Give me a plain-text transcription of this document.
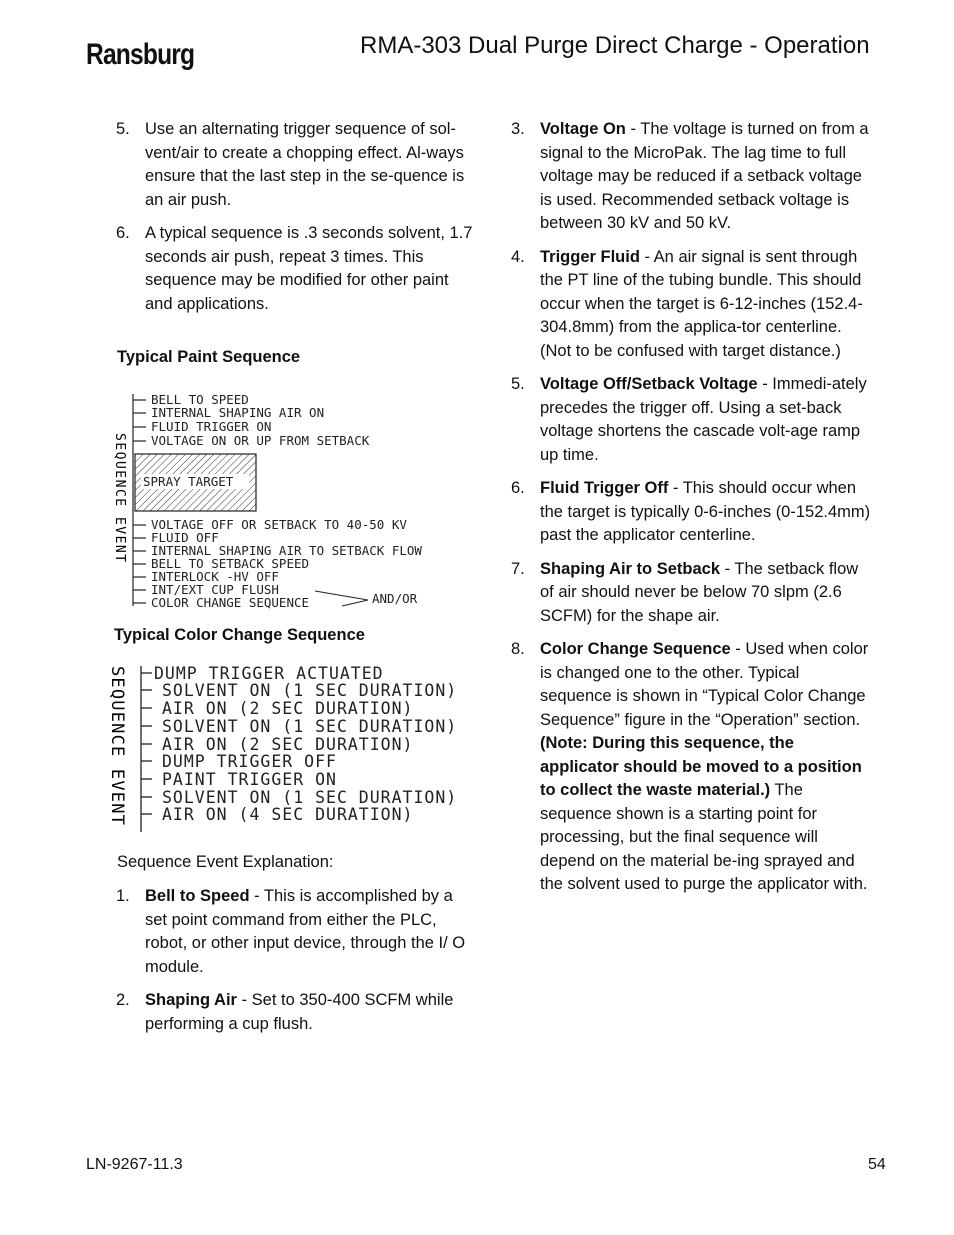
Ransburg	RMA-303 Dual Purge Direct Charge - Operation
5. Use an alternating trigger sequence of sol-vent/air to create a chopping effect. Al-ways ensure that the last step in the se-quence is an air push.
6. A typical sequence is .3 seconds solvent, 1.7 seconds air push, repeat 3 times. This sequence may be modified for other paint and applications.
Typical Paint Sequence
SEQUENCE EVENT
BELL TO SPEED
INTERNAL SHAPING AIR ON
FLUID TRIGGER ON
VOLTAGE ON OR UP FROM SETBACK
VOLTAGE OFF OR SETBACK TO 40-50 KV
FLUID OFF
INTERNAL SHAPING AIR TO SETBACK FLOW
BELL TO SETBACK SPEED
INTERLOCK -HV OFF
INT/EXT CUP FLUSH
COLOR CHANGE SEQUENCE
SPRAY TARGET
AND/OR
Typical Color Change Sequence
SEQUENCE EVENT DUMP TRIGGER ACTUATED
SOLVENT ON (1 SEC DURATION)
AIR ON (2 SEC DURATION)
SOLVENT ON (1 SEC DURATION)
AIR ON (2 SEC DURATION)
DUMP TRIGGER OFF
PAINT TRIGGER ON
SOLVENT ON (1 SEC DURATION)
AIR ON (4 SEC DURATION)
Sequence Event Explanation:
1. Bell to Speed - This is accomplished by a set point command from either the PLC, robot, or other input device, through the I/ O module.
2. Shaping Air - Set to 350-400 SCFM while performing a cup flush.
3. Voltage On - The voltage is turned on from a signal to the MicroPak. The lag time to full voltage may be reduced if a setback voltage is used. Recommended setback voltage is between 30 kV and 50 kV.
4. Trigger Fluid - An air signal is sent through the PT line of the tubing bundle. This should occur when the target is 6-12-inches (152.4-304.8mm) from the applica-tor centerline. (Not to be confused with target distance.)
5. Voltage Off/Setback Voltage - Immedi-ately precedes the trigger off. Using a set-back voltage shortens the cascade volt-age ramp up time.
6. Fluid Trigger Off - This should occur when the target is typically 0-6-inches (0-152.4mm) past the applicator centerline.
7. Shaping Air to Setback - The setback flow of air should never be below 70 slpm (2.6 SCFM) for the shape air.
8. Color Change Sequence - Used when color is changed one to the other. Typical sequence is shown in “Typical Color Change Sequence” figure in the “Operation” section. (Note: During this sequence, the applicator should be moved to a position to collect the waste material.) The sequence shown is a starting point for processing, but the final sequence will depend on the material be-ing sprayed and the solvent used to purge the applicator with.
LN-9267-11.3	54
